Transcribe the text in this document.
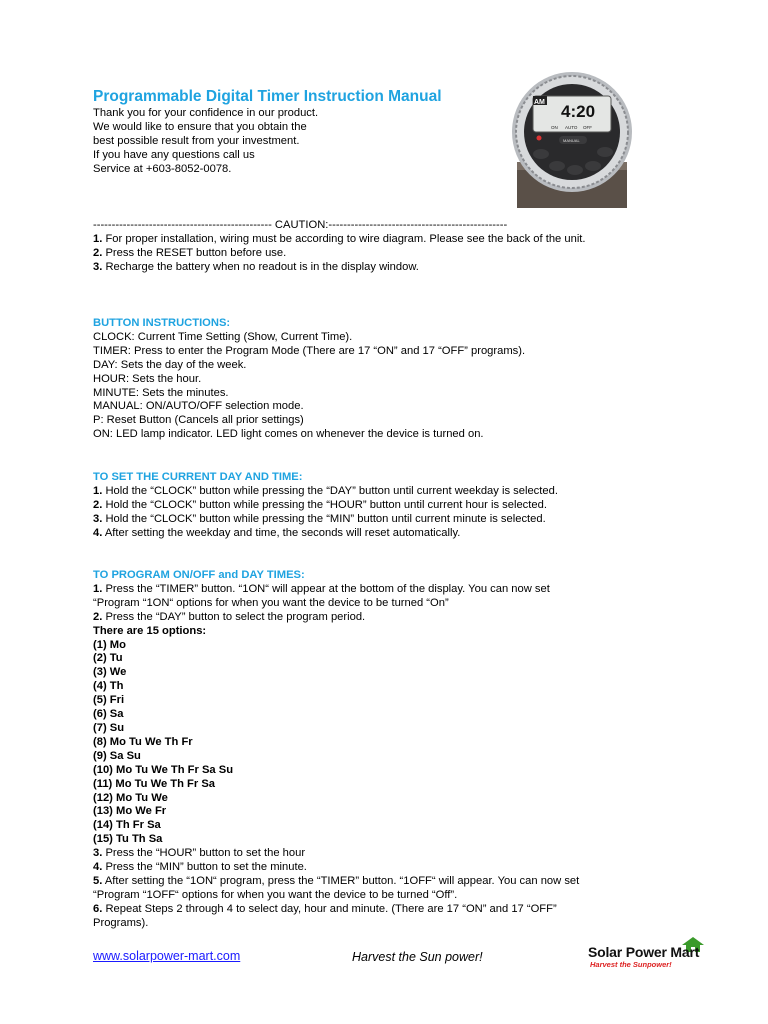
Programmable Digital Timer Instruction Manual
Thank you for your confidence in our product.
We would like to ensure that you obtain the
best possible result from your investment.
If you have any questions call us
Service at +603-8052-0078.
AM 4:20
ON AUTO OFF
MANUAL
------------------------------------------------ CAUTION:------------------------------------------------
1. For proper installation, wiring must be according to wire diagram. Please see the back of the unit.
2. Press the RESET button before use.
3. Recharge the battery when no readout is in the display window.
BUTTON INSTRUCTIONS:
CLOCK: Current Time Setting (Show, Current Time).
TIMER: Press to enter the Program Mode (There are 17 “ON” and 17 “OFF” programs).
DAY: Sets the day of the week.
HOUR: Sets the hour.
MINUTE: Sets the minutes.
MANUAL: ON/AUTO/OFF selection mode.
P: Reset Button (Cancels all prior settings)
ON: LED lamp indicator. LED light comes on whenever the device is turned on.
TO SET THE CURRENT DAY AND TIME:
1. Hold the “CLOCK” button while pressing the “DAY” button until current weekday is selected.
2. Hold the “CLOCK” button while pressing the “HOUR” button until current hour is selected.
3. Hold the “CLOCK” button while pressing the “MIN” button until current minute is selected.
4. After setting the weekday and time, the seconds will reset automatically.
TO PROGRAM ON/OFF and DAY TIMES:
1. Press the “TIMER” button. “1ON“ will appear at the bottom of the display. You can now set
“Program “1ON“ options for when you want the device to be turned “On”
2. Press the “DAY” button to select the program period.
There are 15 options:
(1) Mo
(2) Tu
(3) We
(4) Th
(5) Fri
(6) Sa
(7) Su
(8) Mo Tu We Th Fr
(9) Sa Su
(10) Mo Tu We Th Fr Sa Su
(11) Mo Tu We Th Fr Sa
(12) Mo Tu We
(13) Mo We Fr
(14) Th Fr Sa
(15) Tu Th Sa
3. Press the “HOUR” button to set the hour
4. Press the “MIN” button to set the minute.
5. After setting the “1ON“ program, press the “TIMER” button. “1OFF“ will appear. You can now set
“Program “1OFF“ options for when you want the device to be turned “Off”.
6. Repeat Steps 2 through 4 to select day, hour and minute. (There are 17 “ON” and 17 “OFF”
Programs).
www.solarpower-mart.com	Harvest the Sun power!	Solar Power Mart
Harvest the Sunpower!
